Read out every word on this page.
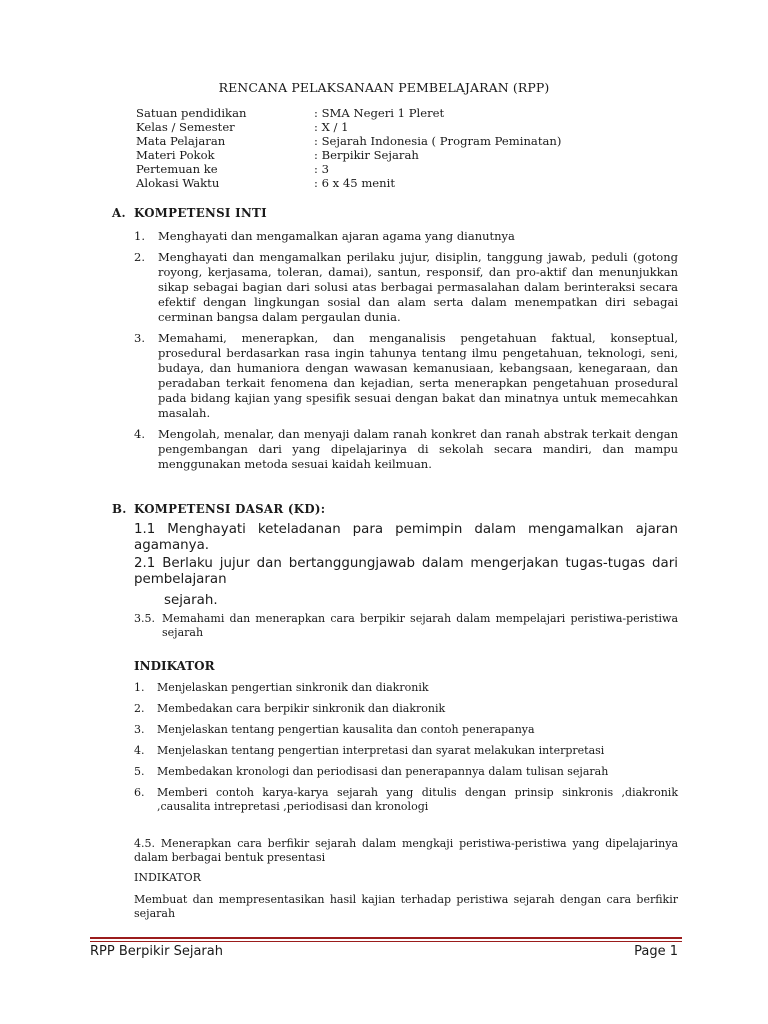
RENCANA PELAKSANAAN PEMBELAJARAN (RPP)
Satuan pendidikan	: SMA Negeri 1 Pleret
Kelas / Semester	: X / 1
Mata Pelajaran	: Sejarah Indonesia ( Program Peminatan)
Materi Pokok	: Berpikir Sejarah
Pertemuan ke	: 3
Alokasi Waktu	: 6 x 45 menit
A. KOMPETENSI INTI
1. Menghayati dan mengamalkan ajaran agama yang dianutnya
2. Menghayati dan mengamalkan perilaku jujur, disiplin, tanggung jawab, peduli (gotong royong, kerjasama, toleran, damai), santun, responsif, dan pro-aktif dan menunjukkan sikap sebagai bagian dari solusi atas berbagai permasalahan dalam berinteraksi secara efektif dengan lingkungan sosial dan alam serta dalam menempatkan diri sebagai cerminan bangsa dalam pergaulan dunia.
3. Memahami, menerapkan, dan menganalisis pengetahuan faktual, konseptual, prosedural berdasarkan rasa ingin tahunya tentang ilmu pengetahuan, teknologi, seni, budaya, dan humaniora dengan wawasan kemanusiaan, kebangsaan, kenegaraan, dan peradaban terkait fenomena dan kejadian, serta menerapkan pengetahuan prosedural pada bidang kajian yang spesifik sesuai dengan bakat dan minatnya untuk memecahkan masalah.
4. Mengolah, menalar, dan menyaji dalam ranah konkret dan ranah abstrak terkait dengan pengembangan dari yang dipelajarinya di sekolah secara mandiri, dan mampu menggunakan metoda sesuai kaidah keilmuan.
B. KOMPETENSI DASAR (KD):
1.1 Menghayati keteladanan para pemimpin dalam mengamalkan ajaran agamanya.
2.1 Berlaku jujur dan bertanggungjawab dalam mengerjakan tugas-tugas dari pembelajaran
sejarah.
3.5. Memahami dan menerapkan cara berpikir sejarah dalam mempelajari peristiwa-peristiwa sejarah
INDIKATOR
1. Menjelaskan pengertian sinkronik dan diakronik
2. Membedakan cara berpikir sinkronik dan diakronik
3. Menjelaskan tentang pengertian kausalita dan contoh penerapanya
4. Menjelaskan tentang pengertian interpretasi dan syarat melakukan interpretasi
5. Membedakan kronologi dan periodisasi dan penerapannya dalam tulisan sejarah
6. Memberi contoh karya-karya sejarah yang ditulis dengan prinsip sinkronis ,diakronik ,causalita intrepretasi ,periodisasi dan kronologi
4.5. Menerapkan cara berfikir sejarah dalam mengkaji peristiwa-peristiwa yang dipelajarinya dalam berbagai bentuk presentasi
INDIKATOR
Membuat dan mempresentasikan hasil kajian terhadap peristiwa sejarah dengan cara berfikir sejarah
RPP Berpikir Sejarah	Page 1
